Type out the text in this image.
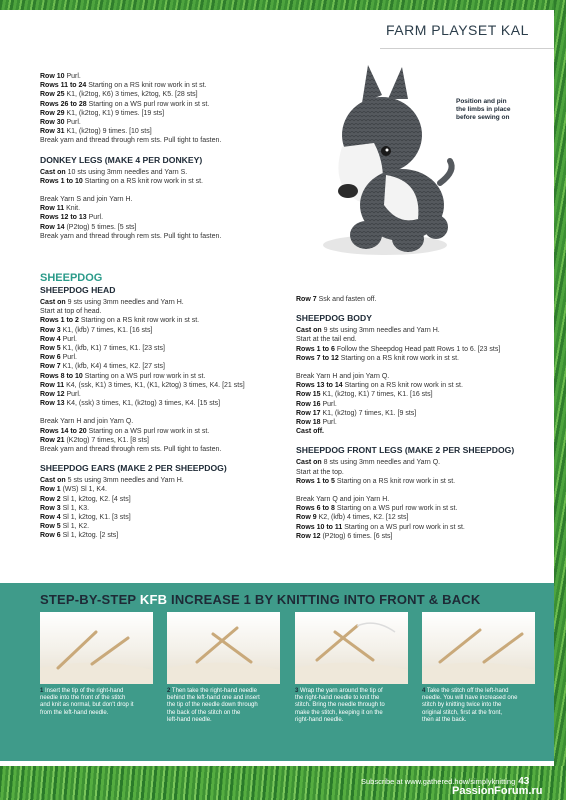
FARM PLAYSET KAL

Row 10 Purl.

Rows 11 to 24 Starting on a RS knit row work in st st.

Row 25 K1, (k2tog, K6) 3 times, k2tog, K5. [28 sts]

Rows 26 to 28 Starting on a WS purl row work in st st.

Row 29 K1, (k2tog, K1) 9 times. [19 sts]

Row 30 Purl.

Row 31 K1, (k2tog) 9 times. [10 sts]

Break yarn and thread through rem sts. Pull tight to fasten.

DONKEY LEGS (MAKE 4 PER DONKEY)

Cast on 10 sts using 3mm needles and Yarn S.

Rows 1 to 10 Starting on a RS knit row work in st st.

Break Yarn S and join Yarn H.

Row 11 Knit.

Rows 12 to 13 Purl.

Row 14 (P2tog) 5 times. [5 sts]

Break yarn and thread through rem sts. Pull tight to fasten.

SHEEPDOG
SHEEPDOG HEAD

Cast on 9 sts using 3mm needles and Yarn H.

Start at top of head.

Rows 1 to 2 Starting on a RS knit row work in st st.

Row 3 K1, (kfb) 7 times, K1. [16 sts]

Row 4 Purl.

Row 5 K1, (kfb, K1) 7 times, K1. [23 sts]

Row 6 Purl.

Row 7 K1, (kfb, K4) 4 times, K2. [27 sts]

Rows 8 to 10 Starting on a WS purl row work in st st.

Row 11 K4, (ssk, K1) 3 times, K1, (K1, k2tog) 3 times, K4. [21 sts]

Row 12 Purl.

Row 13 K4, (ssk) 3 times, K1, (k2tog) 3 times, K4. [15 sts]

Break Yarn H and join Yarn Q.

Rows 14 to 20 Starting on a WS purl row work in st st.

Row 21 (K2tog) 7 times, K1. [8 sts]

Break yarn and thread through rem sts. Pull tight to fasten.

SHEEPDOG EARS (MAKE 2 PER SHEEPDOG)

Cast on 5 sts using 3mm needles and Yarn H.

Row 1 (WS) Sl 1, K4.

Row 2 Sl 1, k2tog, K2. [4 sts]

Row 3 Sl 1, K3.

Row 4 Sl 1, k2tog, K1. [3 sts]

Row 5 Sl 1, K2.

Row 6 Sl 1, k2tog. [2 sts]

Row 7 Ssk and fasten off.

SHEEPDOG BODY

Cast on 9 sts using 3mm needles and Yarn H.

Start at the tail end.

Rows 1 to 6 Follow the Sheepdog Head patt Rows 1 to 6. [23 sts]

Rows 7 to 12 Starting on a RS knit row work in st st.

Break Yarn H and join Yarn Q.

Rows 13 to 14 Starting on a RS knit row work in st st.

Row 15 K1, (k2tog, K1) 7 times, K1. [16 sts]

Row 16 Purl.

Row 17 K1, (k2tog) 7 times, K1. [9 sts]

Row 18 Purl.

Cast off.

SHEEPDOG FRONT LEGS (MAKE 2 PER SHEEPDOG)

Cast on 8 sts using 3mm needles and Yarn Q.

Start at the top.

Rows 1 to 5 Starting on a RS knit row work in st st.

Break Yarn Q and join Yarn H.

Rows 6 to 8 Starting on a WS purl row work in st st.

Row 9 K2, (kfb) 4 times, K2. [12 sts]

Rows 10 to 11 Starting on a WS purl row work in st st.

Row 12 (P2tog) 6 times. [6 sts]

Position and pin
the limbs in place
before sewing on
STEP-BY-STEP KFB INCREASE 1 BY KNITTING INTO FRONT & BACK
1 Insert the tip of the right-hand
needle into the front of the stitch
and knit as normal, but don't drop it
from the left-hand needle.
2 Then take the right-hand needle
behind the left-hand one and insert
the tip of the needle down through
the back of the stitch on the
left-hand needle.
3 Wrap the yarn around the tip of
the right-hand needle to knit the
stitch. Bring the needle through to
make the stitch, keeping it on the
right-hand needle.
4 Take the stitch off the left-hand
needle. You will have increased one
stitch by knitting twice into the
original stitch, first at the front,
then at the back.
Subscribe at www.gathered.how/simplyknitting 43
PassionForum.ru
